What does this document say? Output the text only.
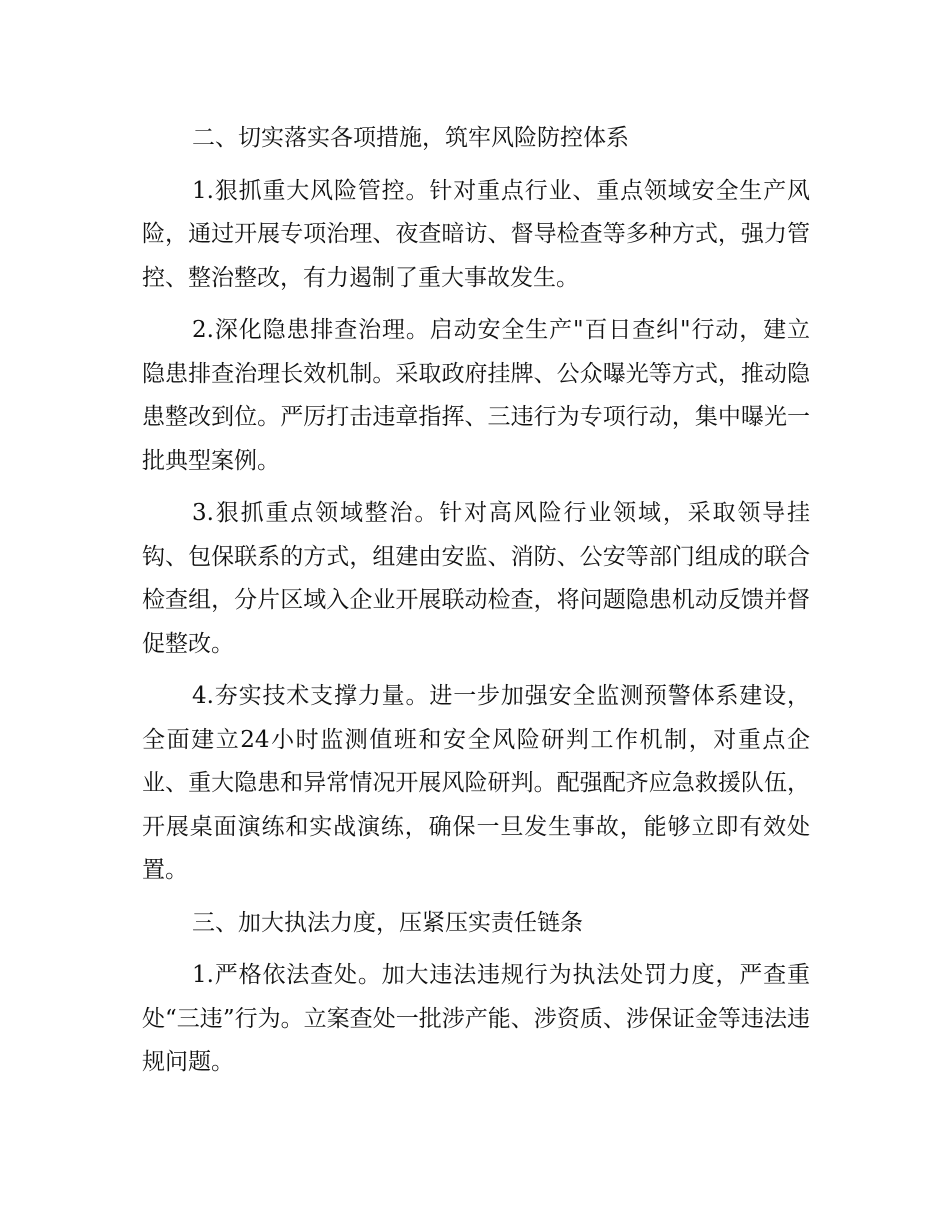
二、切实落实各项措施，筑牢风险防控体系

1.狠抓重大风险管控。针对重点行业、重点领域安全生产风险，通过开展专项治理、夜查暗访、督导检查等多种方式，强力管控、整治整改，有力遏制了重大事故发生。

2.深化隐患排查治理。启动安全生产"百日查纠"行动，建立隐患排查治理长效机制。采取政府挂牌、公众曝光等方式，推动隐患整改到位。严厉打击违章指挥、三违行为专项行动，集中曝光一批典型案例。

3.狠抓重点领域整治。针对高风险行业领域，采取领导挂钩、包保联系的方式，组建由安监、消防、公安等部门组成的联合检查组，分片区域入企业开展联动检查，将问题隐患机动反馈并督促整改。

4.夯实技术支撑力量。进一步加强安全监测预警体系建设，全面建立24小时监测值班和安全风险研判工作机制，对重点企业、重大隐患和异常情况开展风险研判。配强配齐应急救援队伍，开展桌面演练和实战演练，确保一旦发生事故，能够立即有效处置。

三、加大执法力度，压紧压实责任链条

1.严格依法查处。加大违法违规行为执法处罚力度，严查重处“三违”行为。立案查处一批涉产能、涉资质、涉保证金等违法违规问题。
